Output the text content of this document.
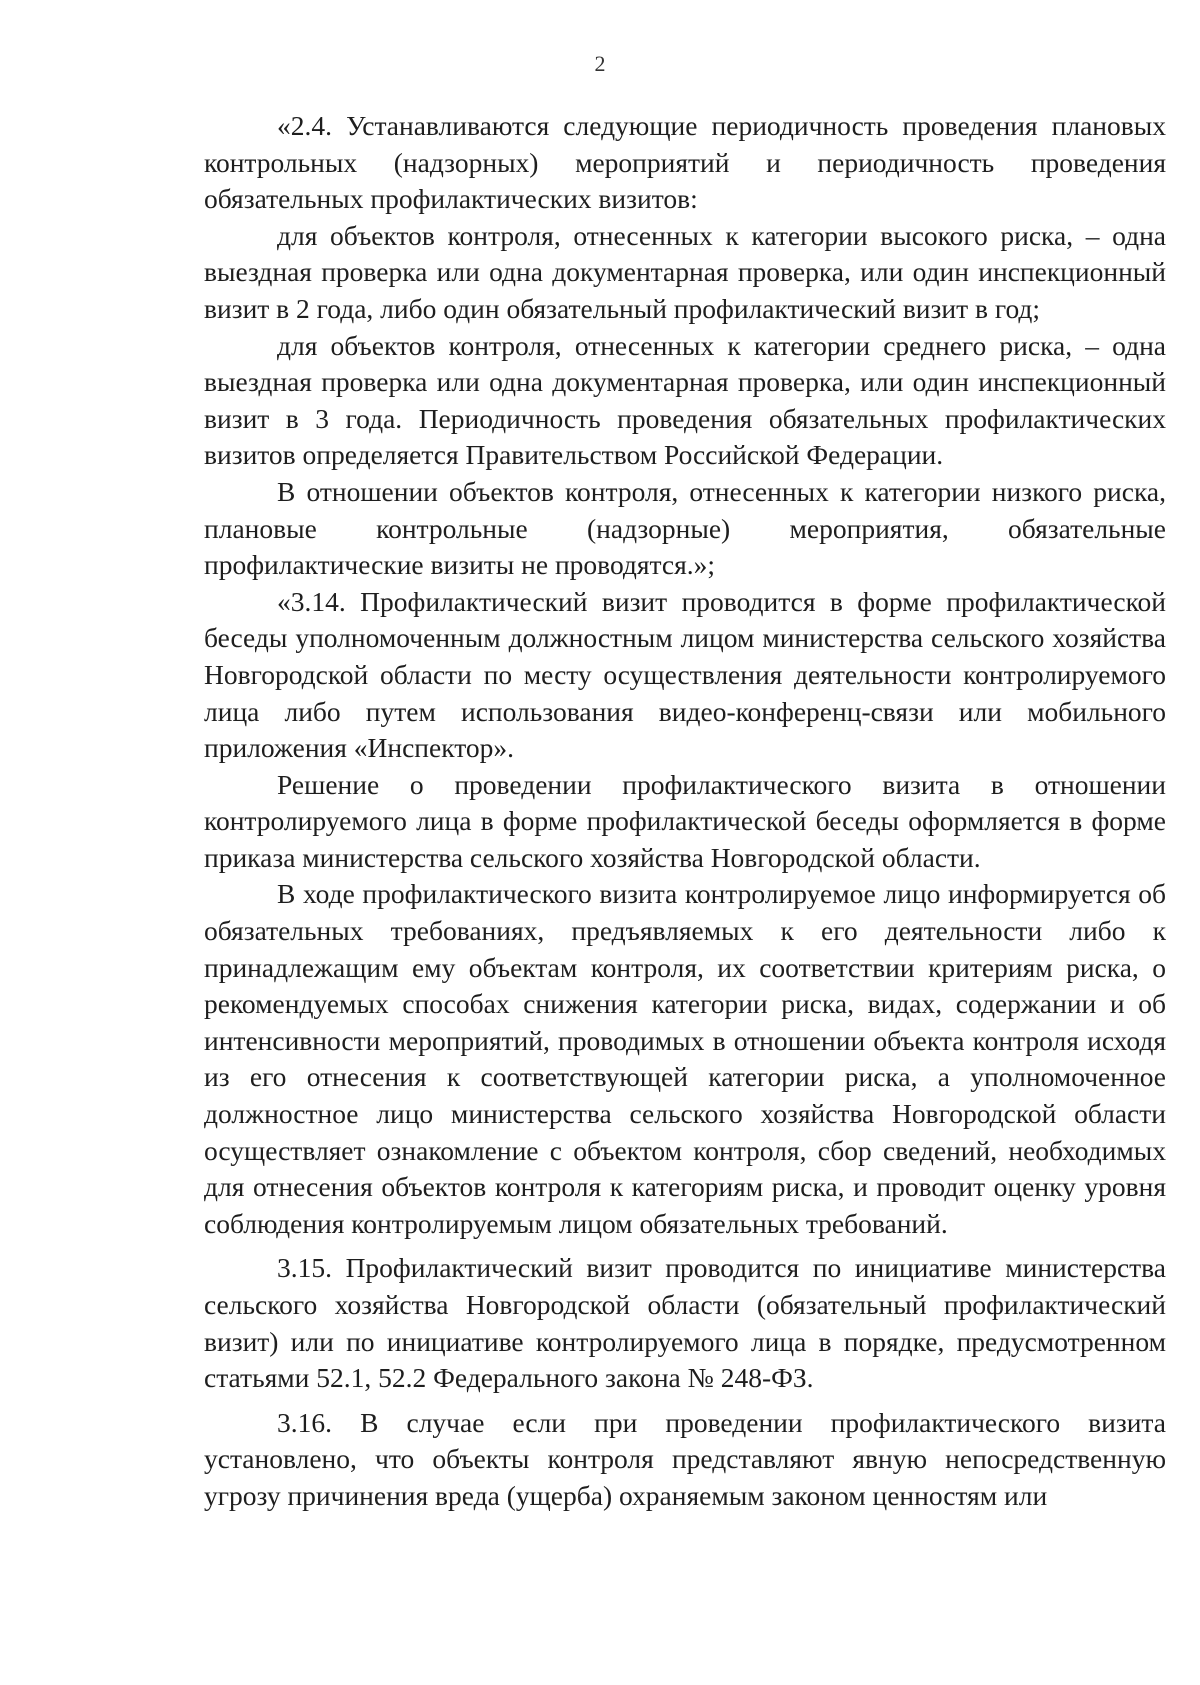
2

«2.4. Устанавливаются следующие периодичность проведения плановых контрольных (надзорных) мероприятий и периодичность проведения обязательных профилактических визитов:

для объектов контроля, отнесенных к категории высокого риска, – одна выездная проверка или одна документарная проверка, или один инспекционный визит в 2 года, либо один обязательный профилактический визит в год;

для объектов контроля, отнесенных к категории среднего риска, – одна выездная проверка или одна документарная проверка, или один инспекционный визит в 3 года. Периодичность проведения обязательных профилактических визитов определяется Правительством Российской Федерации.

В отношении объектов контроля, отнесенных к категории низкого риска, плановые контрольные (надзорные) мероприятия, обязательные профилактические визиты не проводятся.»;

«3.14. Профилактический визит проводится в форме профилактической беседы уполномоченным должностным лицом министерства сельского хозяйства Новгородской области по месту осуществления деятельности контролируемого лица либо путем использования видео-конференц-связи или мобильного приложения «Инспектор».

Решение о проведении профилактического визита в отношении контролируемого лица в форме профилактической беседы оформляется в форме приказа министерства сельского хозяйства Новгородской области.

В ходе профилактического визита контролируемое лицо информируется об обязательных требованиях, предъявляемых к его деятельности либо к принадлежащим ему объектам контроля, их соответствии критериям риска, о рекомендуемых способах снижения категории риска, видах, содержании и об интенсивности мероприятий, проводимых в отношении объекта контроля исходя из его отнесения к соответствующей категории риска, а уполномоченное должностное лицо министерства сельского хозяйства Новгородской области осуществляет ознакомление с объектом контроля, сбор сведений, необходимых для отнесения объектов контроля к категориям риска, и проводит оценку уровня соблюдения контролируемым лицом обязательных требований.

3.15. Профилактический визит проводится по инициативе министерства сельского хозяйства Новгородской области (обязательный профилактический визит) или по инициативе контролируемого лица в порядке, предусмотренном статьями 52.1, 52.2 Федерального закона № 248-ФЗ.

3.16. В случае если при проведении профилактического визита установлено, что объекты контроля представляют явную непосредственную угрозу причинения вреда (ущерба) охраняемым законом ценностям или
